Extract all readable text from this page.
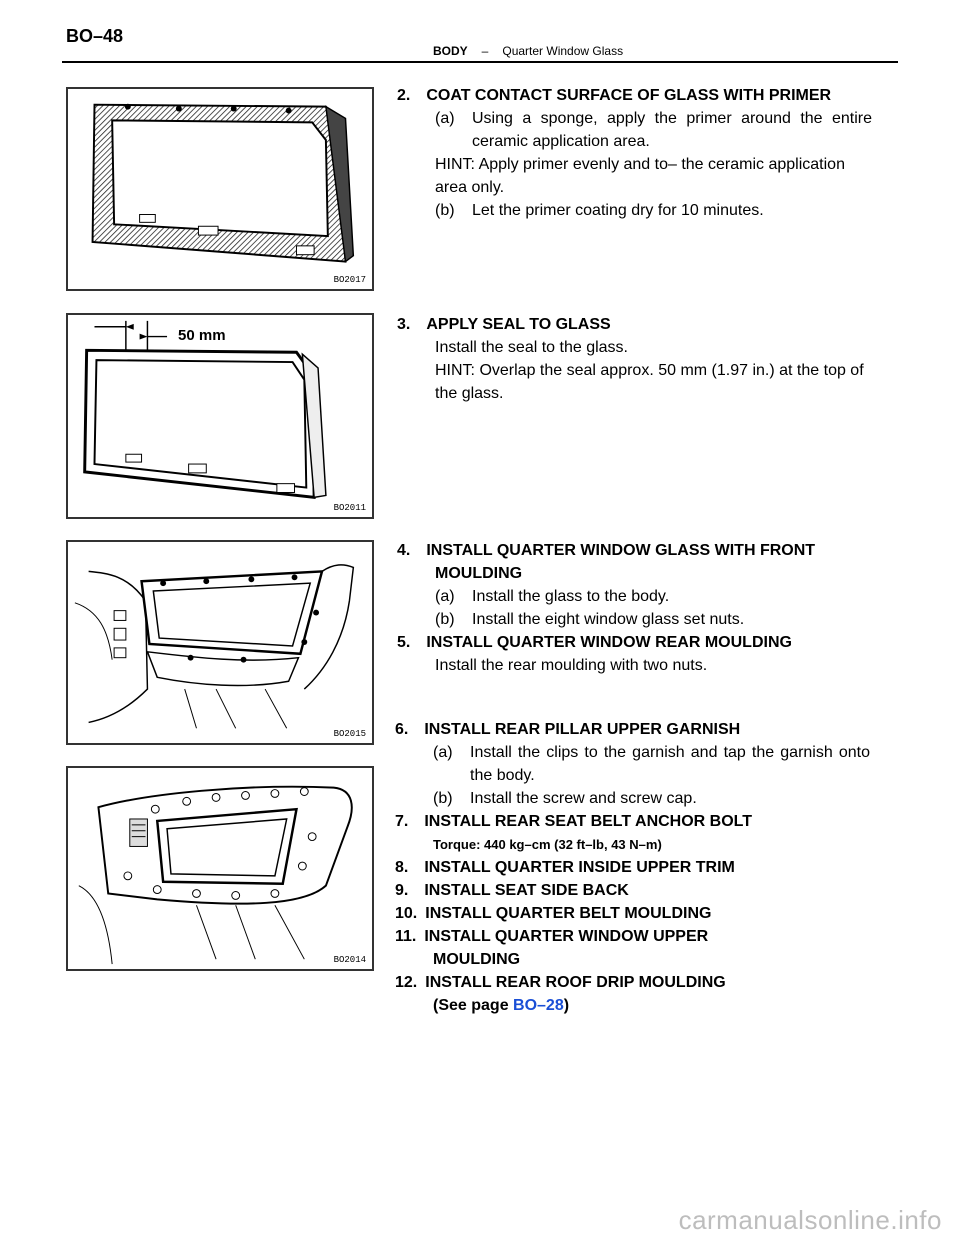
BO–48
BODY – Quarter Window Glass
BO2017
50 mm
BO2011
BO2015
BO2014

2. COAT CONTACT SURFACE OF GLASS WITH PRIMER

(a)	Using a sponge, apply the primer around the entire ceramic application area.

HINT: Apply primer evenly and to– the ceramic application area only.

(b)	Let the primer coating dry for 10 minutes.

3. APPLY SEAL TO GLASS

Install the seal to the glass.

HINT: Overlap the seal approx. 50 mm (1.97 in.) at the top of the glass.

4. INSTALL QUARTER WINDOW GLASS WITH FRONT

MOULDING

(a)	Install the glass to the body.
(b)	Install the eight window glass set nuts.

5. INSTALL QUARTER WINDOW REAR MOULDING

Install the rear moulding with two nuts.

6. INSTALL REAR PILLAR UPPER GARNISH

(a)	Install the clips to the garnish and tap the garnish onto the body.
(b)	Install the screw and screw cap.

7. INSTALL REAR SEAT BELT ANCHOR BOLT

Torque: 440 kg–cm (32 ft–lb, 43 N–m)

8. INSTALL QUARTER INSIDE UPPER TRIM

9. INSTALL SEAT SIDE BACK

10. INSTALL QUARTER BELT MOULDING

11. INSTALL QUARTER WINDOW UPPER

MOULDING

12. INSTALL REAR ROOF DRIP MOULDING

(See page BO–28)

carmanualsonline.info
